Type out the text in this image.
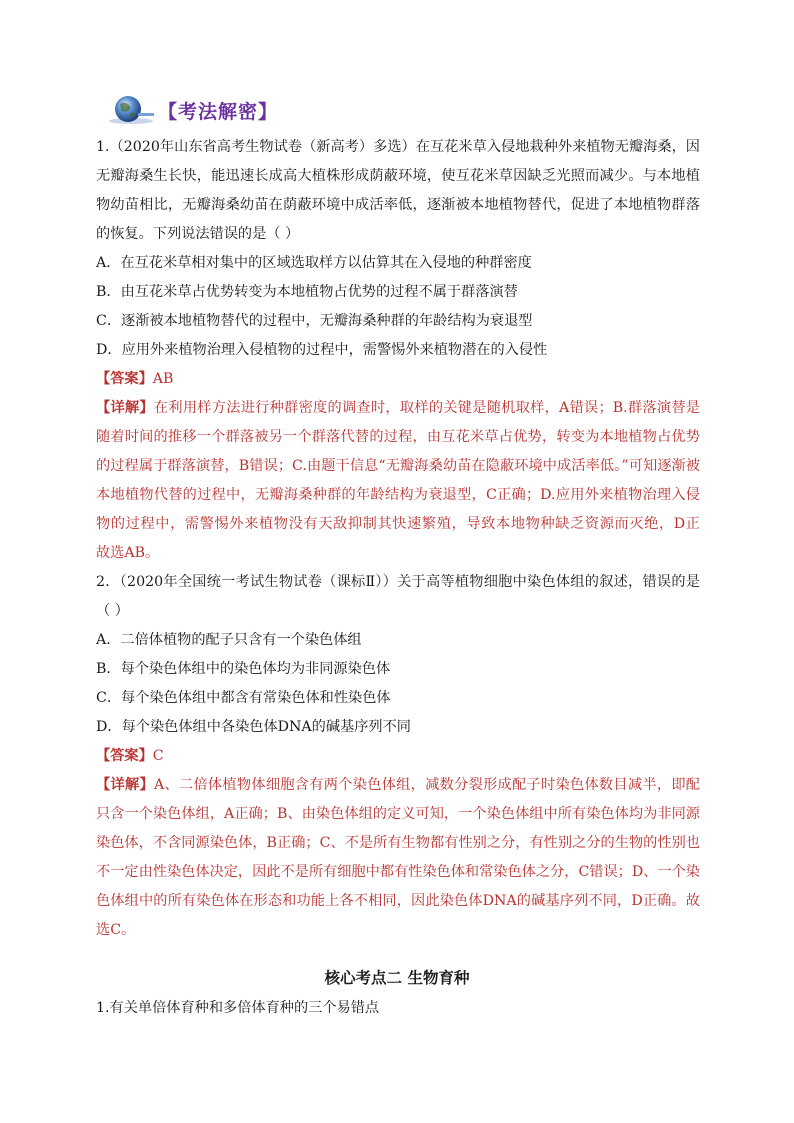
【考法解密】
1.（2020年山东省高考生物试卷（新高考）多选）在互花米草入侵地栽种外来植物无瓣海桑，因
无瓣海桑生长快，能迅速长成高大植株形成荫蔽环境，使互花米草因缺乏光照而减少。与本地植
物幼苗相比，无瓣海桑幼苗在荫蔽环境中成活率低，逐渐被本地植物替代，促进了本地植物群落
的恢复。下列说法错误的是（ ）
A．在互花米草相对集中的区域选取样方以估算其在入侵地的种群密度
B．由互花米草占优势转变为本地植物占优势的过程不属于群落演替
C．逐渐被本地植物替代的过程中，无瓣海桑种群的年龄结构为衰退型
D．应用外来植物治理入侵植物的过程中，需警惕外来植物潜在的入侵性
【答案】AB
【详解】在利用样方法进行种群密度的调查时，取样的关键是随机取样，A错误；B.群落演替是
随着时间的推移一个群落被另一个群落代替的过程，由互花米草占优势，转变为本地植物占优势
的过程属于群落演替，B错误；C.由题干信息“无瓣海桑幼苗在隐蔽环境中成活率低。”可知逐渐被
本地植物代替的过程中，无瓣海桑种群的年龄结构为衰退型，C正确；D.应用外来植物治理入侵
物的过程中，需警惕外来植物没有天敌抑制其快速繁殖，导致本地物种缺乏资源而灭绝，D正
故选AB。
2．（2020年全国统一考试生物试卷（课标Ⅱ））关于高等植物细胞中染色体组的叙述，错误的是
（ ）
A．二倍体植物的配子只含有一个染色体组
B．每个染色体组中的染色体均为非同源染色体
C．每个染色体组中都含有常染色体和性染色体
D．每个染色体组中各染色体DNA的碱基序列不同
【答案】C
【详解】A、二倍体植物体细胞含有两个染色体组，减数分裂形成配子时染色体数目减半，即配
只含一个染色体组，A正确；B、由染色体组的定义可知，一个染色体组中所有染色体均为非同源
染色体，不含同源染色体，B正确；C、不是所有生物都有性别之分，有性别之分的生物的性别也
不一定由性染色体决定，因此不是所有细胞中都有性染色体和常染色体之分，C错误；D、一个染
色体组中的所有染色体在形态和功能上各不相同，因此染色体DNA的碱基序列不同，D正确。故
选C。
核心考点二 生物育种
1.有关单倍体育种和多倍体育种的三个易错点
